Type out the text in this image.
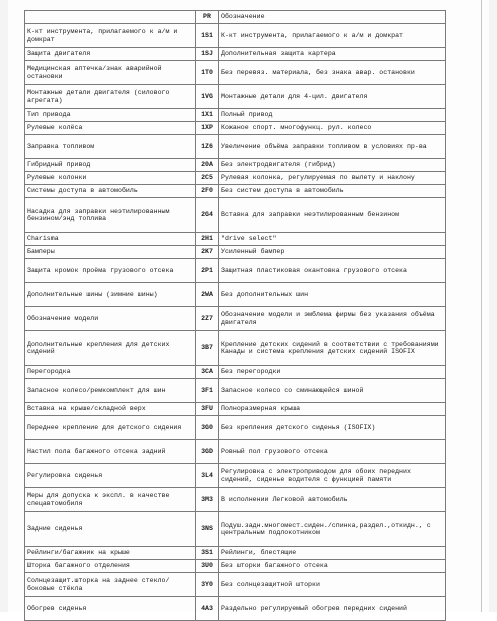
	PR	Обозначение
К-кт инструмента, прилагаемого к а/м и домкрат	1S1	К-кт инструмента, прилагаемого к а/м и домкрат
Защита двигателя	1SJ	Дополнительная защита картера
Медицинская аптечка/знак аварийной остановки	1T0	Без перевяз. материала, без знака авар. остановки
Монтажные детали двигателя (силового агрегата)	1VG	Монтажные детали для 4-цил. двигателя
Тип привода	1X1	Полный привод
Рулевые колёса	1XP	Кожаное спорт. многофункц. рул. колесо
Заправка топливом	1Z6	Увеличение объёма заправки топливом в условиях пр-ва
Гибридный привод	20A	Без электродвигателя (гибрид)
Рулевые колонки	2C5	Рулевая колонка, регулируемая по вылету и наклону
Системы доступа в автомобиль	2F0	Без систем доступа в автомобиль
Насадка для заправки неэтилированным бензином/энд топлива	2G4	Вставка для заправки неэтилированным бензином
Charisma	2H1	"drive select"
Бамперы	2K7	Усиленный бампер
Защита кромок проёма грузового отсека	2P1	Защитная пластиковая окантовка грузового отсека
Дополнительные шины (зимние шины)	2WA	Без дополнительных шин
Обозначение модели	2Z7	Обозначение модели и эмблема фирмы без указания объёма двигателя
Дополнительные крепления для детских сидений	3B7	Крепление детских сидений в соответствии с требованиями Канады и система крепления детских сидений ISOFIX
Перегородка	3CA	Без перегородки
Запасное колесо/ремкомплект для шин	3F1	Запасное колесо со сминающейся шиной
Вставка на крыше/складной верх	3FU	Полноразмерная крыша
Переднее крепление для детского сидения	3G0	Без крепления детского сиденья (ISOFIX)
Настил пола багажного отсека задний	3GD	Ровный пол грузового отсека
Регулировка сиденья	3L4	Регулировка с электроприводом для обоих передних сидений, сиденье водителя с функцией памяти
Меры для допуска к экспл. в качестве спецавтомобиля	3M3	В исполнении Легковой автомобиль
Задние сиденья	3NS	Подуш.задн.многомест.сиден./спинка,раздел.,откидн., с центральным подлокотником
Рейлинги/багажник на крыше	3S1	Рейлинги, блестящие
Шторка багажного отделения	3U0	Без шторки багажного отсека
Солнцезащит.шторка на заднее стекло/боковые стёкла	3Y0	Без солнцезащитной шторки
Обогрев сиденья	4A3	Раздельно регулируемый обогрев передних сидений
